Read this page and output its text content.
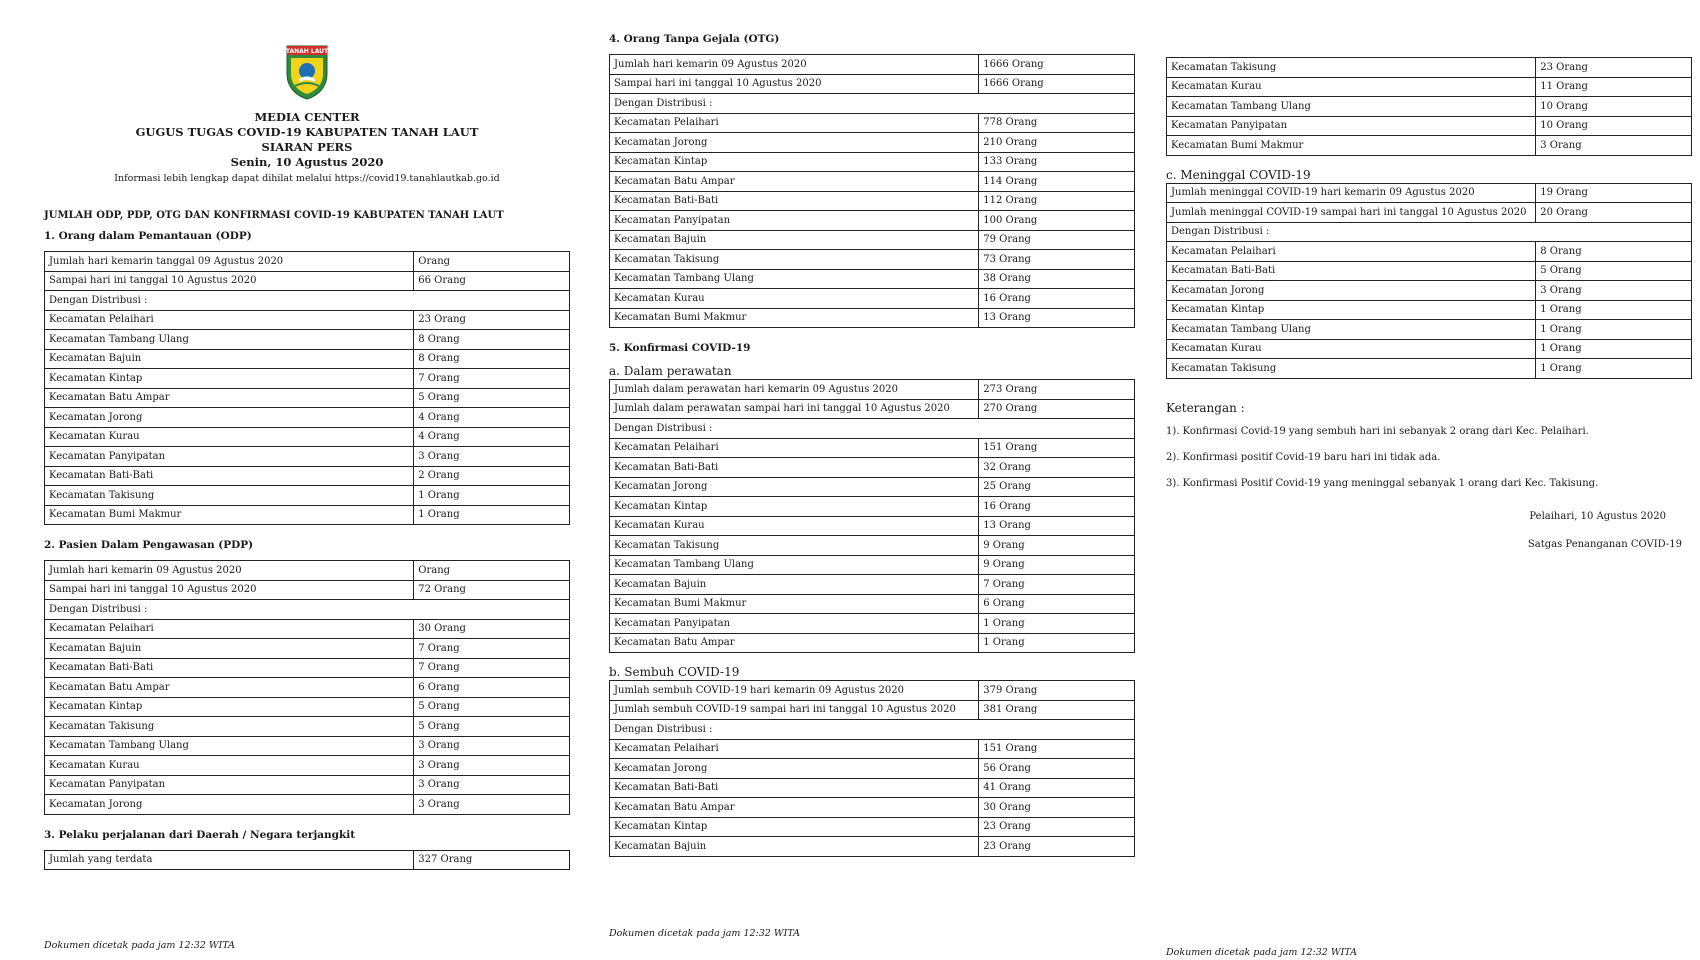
TANAH LAUT
MEDIA CENTER
GUGUS TUGAS COVID-19 KABUPATEN TANAH LAUT
SIARAN PERS
Senin, 10 Agustus 2020
Informasi lebih lengkap dapat dihilat melalui https://covid19.tanahlautkab.go.id
JUMLAH ODP, PDP, OTG DAN KONFIRMASI COVID-19 KABUPATEN TANAH LAUT
1. Orang dalam Pemantauan (ODP)
Jumlah hari kemarin tanggal 09 Agustus 2020	Orang
Sampai hari ini tanggal 10 Agustus 2020	66 Orang
Dengan Distribusi :	
Kecamatan Pelaihari	23 Orang
Kecamatan Tambang Ulang	8 Orang
Kecamatan Bajuin	8 Orang
Kecamatan Kintap	7 Orang
Kecamatan Batu Ampar	5 Orang
Kecamatan Jorong	4 Orang
Kecamatan Kurau	4 Orang
Kecamatan Panyipatan	3 Orang
Kecamatan Bati-Bati	2 Orang
Kecamatan Takisung	1 Orang
Kecamatan Bumi Makmur	1 Orang
2. Pasien Dalam Pengawasan (PDP)
Jumlah hari kemarin 09 Agustus 2020	Orang
Sampai hari ini tanggal 10 Agustus 2020	72 Orang
Dengan Distribusi :	
Kecamatan Pelaihari	30 Orang
Kecamatan Bajuin	7 Orang
Kecamatan Bati-Bati	7 Orang
Kecamatan Batu Ampar	6 Orang
Kecamatan Kintap	5 Orang
Kecamatan Takisung	5 Orang
Kecamatan Tambang Ulang	3 Orang
Kecamatan Kurau	3 Orang
Kecamatan Panyipatan	3 Orang
Kecamatan Jorong	3 Orang
3. Pelaku perjalanan dari Daerah / Negara terjangkit
Jumlah yang terdata	327 Orang
Dokumen dicetak pada jam 12:32 WITA
4. Orang Tanpa Gejala (OTG)
Jumlah hari kemarin 09 Agustus 2020	1666 Orang
Sampai hari ini tanggal 10 Agustus 2020	1666 Orang
Dengan Distribusi :	
Kecamatan Pelaihari	778 Orang
Kecamatan Jorong	210 Orang
Kecamatan Kintap	133 Orang
Kecamatan Batu Ampar	114 Orang
Kecamatan Bati-Bati	112 Orang
Kecamatan Panyipatan	100 Orang
Kecamatan Bajuin	79 Orang
Kecamatan Takisung	73 Orang
Kecamatan Tambang Ulang	38 Orang
Kecamatan Kurau	16 Orang
Kecamatan Bumi Makmur	13 Orang
5. Konfirmasi COVID-19
a. Dalam perawatan
Jumlah dalam perawatan hari kemarin 09 Agustus 2020	273 Orang
Jumlah dalam perawatan sampai hari ini tanggal 10 Agustus 2020	270 Orang
Dengan Distribusi :	
Kecamatan Pelaihari	151 Orang
Kecamatan Bati-Bati	32 Orang
Kecamatan Jorong	25 Orang
Kecamatan Kintap	16 Orang
Kecamatan Kurau	13 Orang
Kecamatan Takisung	9 Orang
Kecamatan Tambang Ulang	9 Orang
Kecamatan Bajuin	7 Orang
Kecamatan Bumi Makmur	6 Orang
Kecamatan Panyipatan	1 Orang
Kecamatan Batu Ampar	1 Orang
b. Sembuh COVID-19
Jumlah sembuh COVID-19 hari kemarin 09 Agustus 2020	379 Orang
Jumlah sembuh COVID-19 sampai hari ini tanggal 10 Agustus 2020	381 Orang
Dengan Distribusi :	
Kecamatan Pelaihari	151 Orang
Kecamatan Jorong	56 Orang
Kecamatan Bati-Bati	41 Orang
Kecamatan Batu Ampar	30 Orang
Kecamatan Kintap	23 Orang
Kecamatan Bajuin	23 Orang
Dokumen dicetak pada jam 12:32 WITA
Kecamatan Takisung	23 Orang
Kecamatan Kurau	11 Orang
Kecamatan Tambang Ulang	10 Orang
Kecamatan Panyipatan	10 Orang
Kecamatan Bumi Makmur	3 Orang
c. Meninggal COVID-19
Jumlah meninggal COVID-19 hari kemarin 09 Agustus 2020	19 Orang
Jumlah meninggal COVID-19 sampai hari ini tanggal 10 Agustus 2020	20 Orang
Dengan Distribusi :	
Kecamatan Pelaihari	8 Orang
Kecamatan Bati-Bati	5 Orang
Kecamatan Jorong	3 Orang
Kecamatan Kintap	1 Orang
Kecamatan Tambang Ulang	1 Orang
Kecamatan Kurau	1 Orang
Kecamatan Takisung	1 Orang
Keterangan :
1). Konfirmasi Covid-19 yang sembuh hari ini sebanyak 2 orang dari Kec. Pelaihari.
2). Konfirmasi positif Covid-19 baru hari ini tidak ada.
3). Konfirmasi Positif Covid-19 yang meninggal sebanyak 1 orang dari Kec. Takisung.
Pelaihari, 10 Agustus 2020
Satgas Penanganan COVID-19
Dokumen dicetak pada jam 12:32 WITA
